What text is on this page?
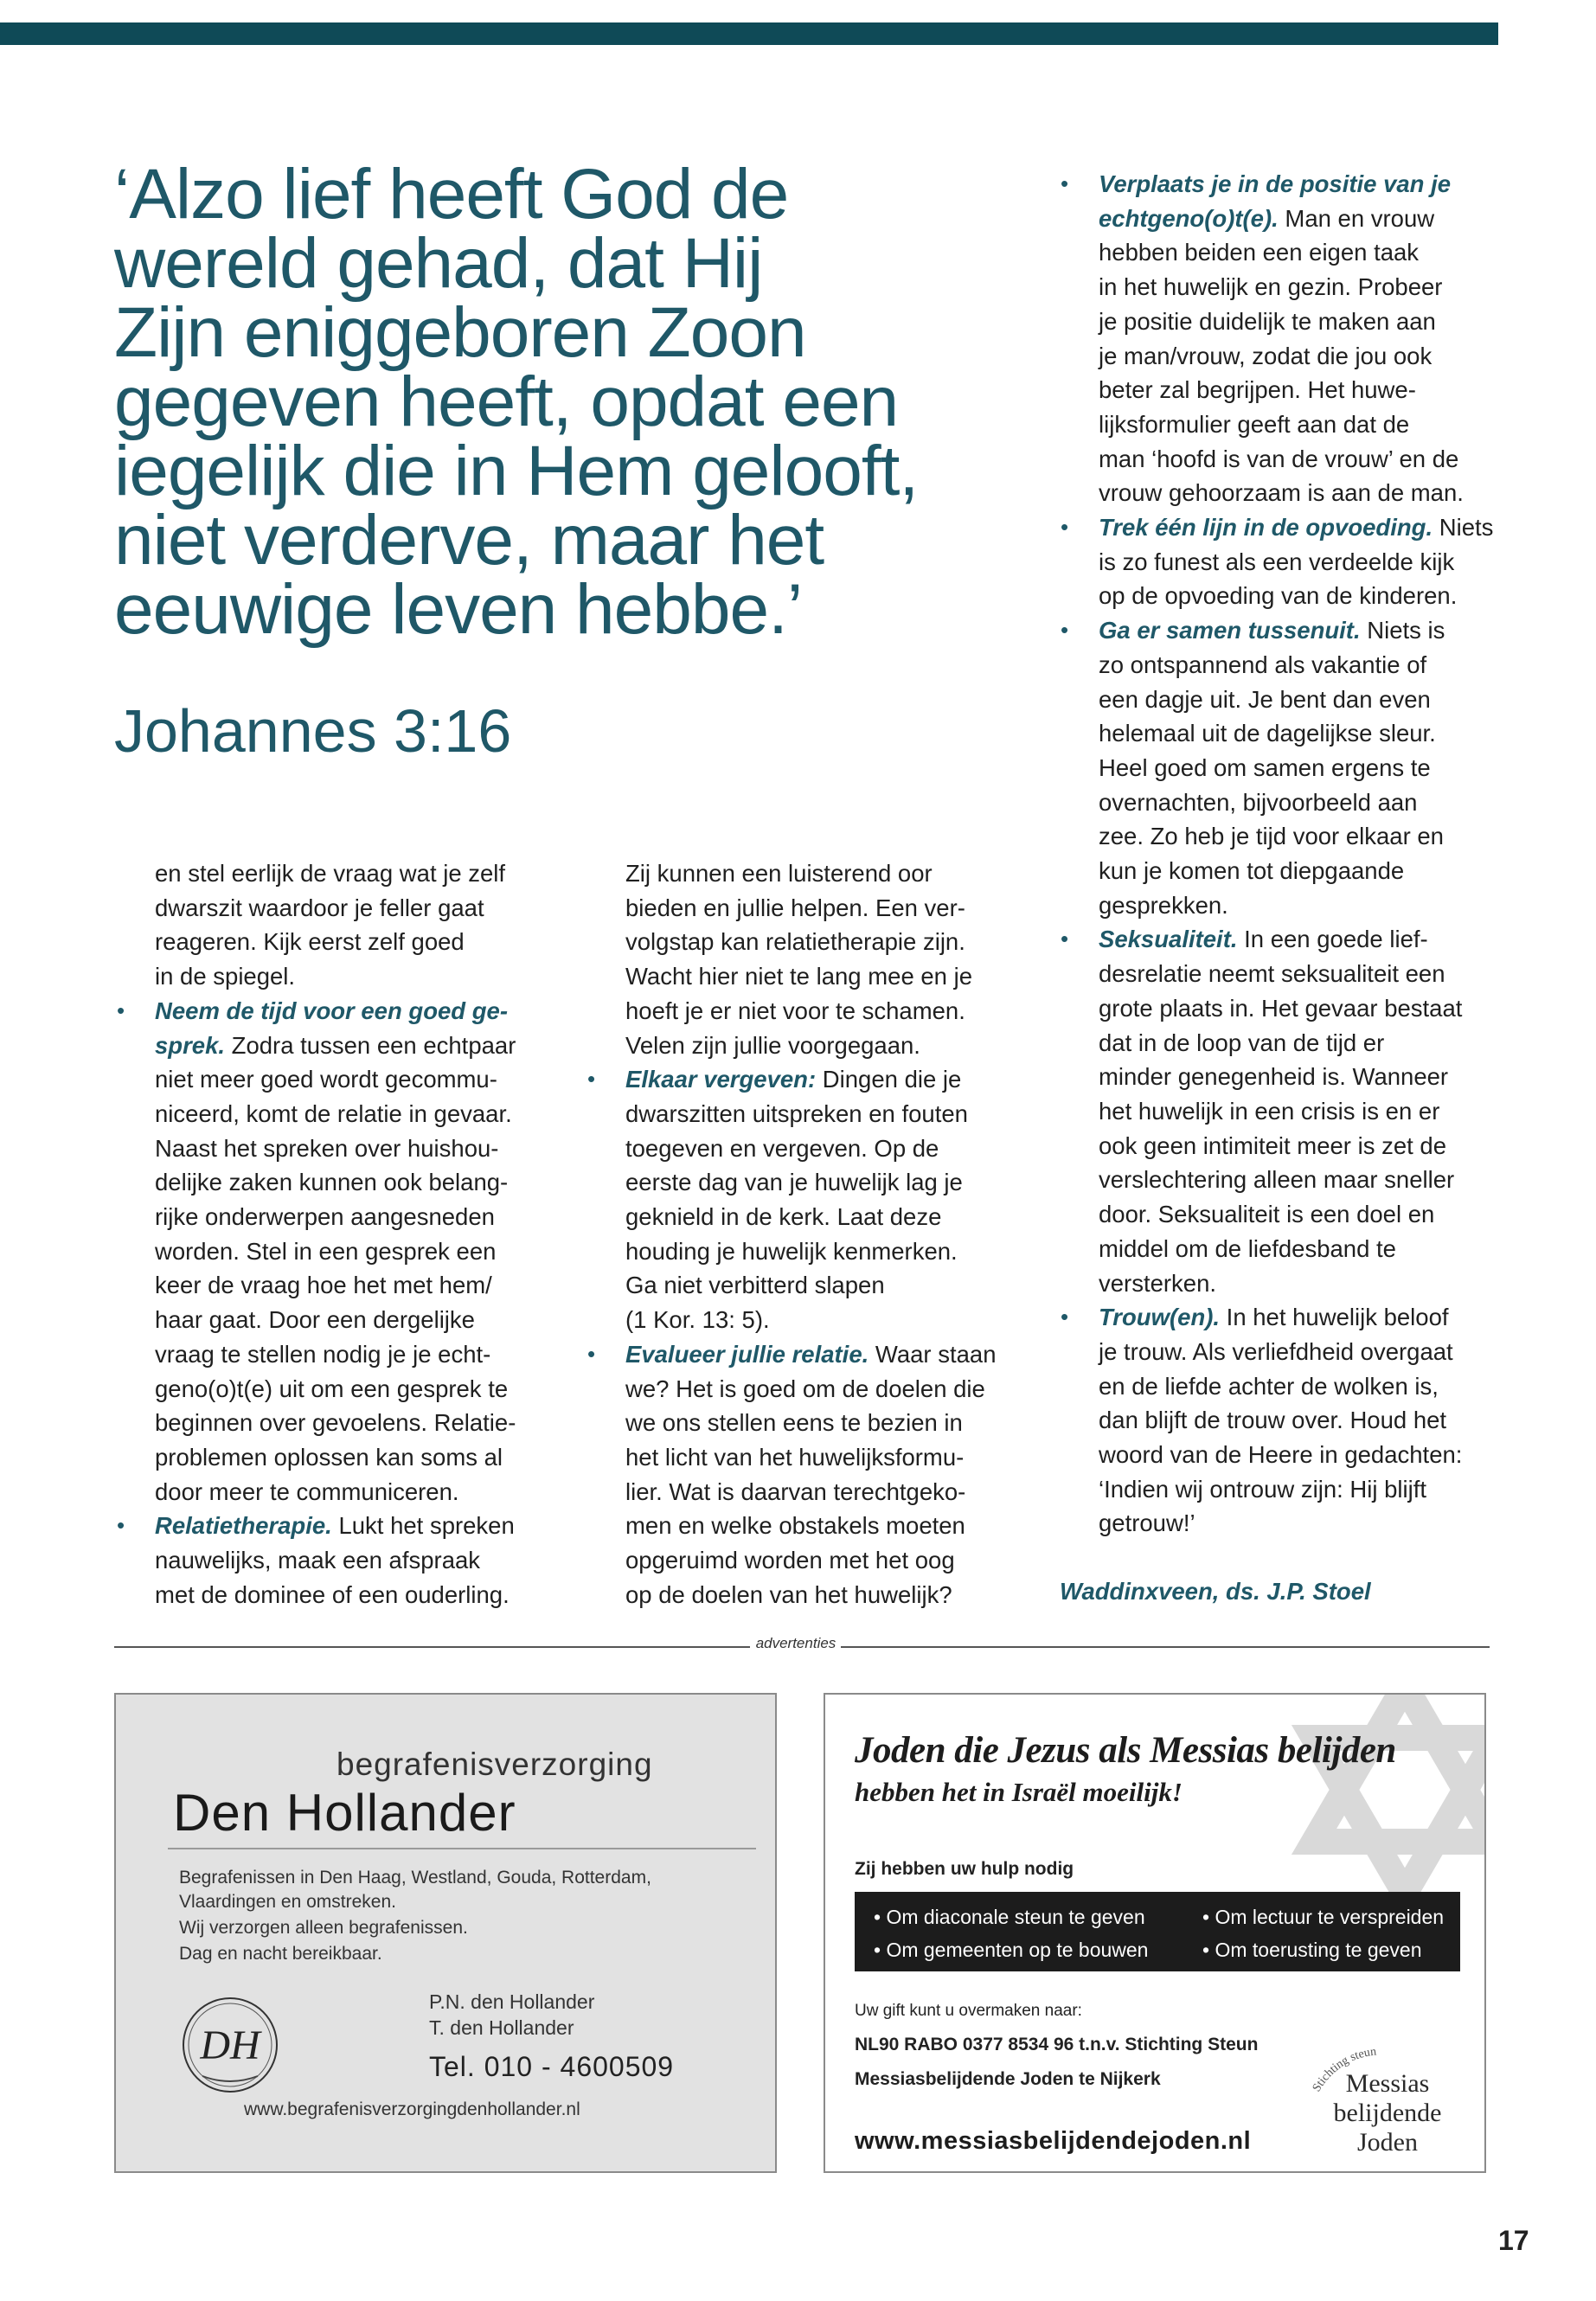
‘Alzo lief heeft God de
wereld gehad, dat Hij
Zijn eniggeboren Zoon
gegeven heeft, opdat een
iegelijk die in Hem gelooft,
niet verderve, maar het
eeuwige leven hebbe.’

Johannes 3:16

en stel eerlijk de vraag wat je zelf
dwarszit waardoor je feller gaat
reageren. Kijk eerst zelf goed
in de spiegel.

• Neem de tijd voor een goed ge-
sprek. Zodra tussen een echtpaar
niet meer goed wordt gecommu-
niceerd, komt de relatie in gevaar.
Naast het spreken over huishou-
delijke zaken kunnen ook belang-
rijke onderwerpen aangesneden
worden. Stel in een gesprek een
keer de vraag hoe het met hem/
haar gaat. Door een dergelijke
vraag te stellen nodig je je echt-
geno(o)t(e) uit om een gesprek te
beginnen over gevoelens. Relatie-
problemen oplossen kan soms al
door meer te communiceren.
• Relatietherapie. Lukt het spreken
nauwelijks, maak een afspraak
met de dominee of een ouderling.

Zij kunnen een luisterend oor
bieden en jullie helpen. Een ver-
volgstap kan relatietherapie zijn.
Wacht hier niet te lang mee en je
hoeft je er niet voor te schamen.
Velen zijn jullie voorgegaan.

• Elkaar vergeven: Dingen die je
dwarszitten uitspreken en fouten
toegeven en vergeven. Op de
eerste dag van je huwelijk lag je
geknield in de kerk. Laat deze
houding je huwelijk kenmerken.
Ga niet verbitterd slapen
(1 Kor. 13: 5).
• Evalueer jullie relatie. Waar staan
we? Het is goed om de doelen die
we ons stellen eens te bezien in
het licht van het huwelijksformu-
lier. Wat is daarvan terechtgeko-
men en welke obstakels moeten
opgeruimd worden met het oog
op de doelen van het huwelijk?
• Verplaats je in de positie van je
echtgeno(o)t(e). Man en vrouw
hebben beiden een eigen taak
in het huwelijk en gezin. Probeer
je positie duidelijk te maken aan
je man/vrouw, zodat die jou ook
beter zal begrijpen. Het huwe-
lijksformulier geeft aan dat de
man ‘hoofd is van de vrouw’ en de
vrouw gehoorzaam is aan de man.
• Trek één lijn in de opvoeding. Niets
is zo funest als een verdeelde kijk
op de opvoeding van de kinderen.
• Ga er samen tussenuit. Niets is
zo ontspannend als vakantie of
een dagje uit. Je bent dan even
helemaal uit de dagelijkse sleur.
Heel goed om samen ergens te
overnachten, bijvoorbeeld aan
zee. Zo heb je tijd voor elkaar en
kun je komen tot diepgaande
gesprekken.
• Seksualiteit. In een goede lief-
desrelatie neemt seksualiteit een
grote plaats in. Het gevaar bestaat
dat in de loop van de tijd er
minder genegenheid is. Wanneer
het huwelijk in een crisis is en er
ook geen intimiteit meer is zet de
verslechtering alleen maar sneller
door. Seksualiteit is een doel en
middel om de liefdesband te
versterken.
• Trouw(en). In het huwelijk beloof
je trouw. Als verliefdheid overgaat
en de liefde achter de wolken is,
dan blijft de trouw over. Houd het
woord van de Heere in gedachten:
‘Indien wij ontrouw zijn: Hij blijft
getrouw!’
Waddinxveen, ds. J.P. Stoel
advertenties
begrafenisverzorging
Den Hollander
Begrafenissen in Den Haag, Westland, Gouda, Rotterdam,
Vlaardingen en omstreken.
Wij verzorgen alleen begrafenissen.
Dag en nacht bereikbaar.
DH
P.N. den Hollander
T. den Hollander
Tel. 010 - 4600509
www.begrafenisverzorgingdenhollander.nl
Joden die Jezus als Messias belijden
hebben het in Israël moeilijk!
Zij hebben uw hulp nodig
• Om diaconale steun te geven	• Om lectuur te verspreiden
• Om gemeenten op te bouwen	• Om toerusting te geven
Uw gift kunt u overmaken naar:
NL90 RABO 0377 8534 96 t.n.v. Stichting Steun
Messiasbelijdende Joden te Nijkerk
www.messiasbelijdendejoden.nl
Stichting steun
Messias
belijdende
Joden
17
